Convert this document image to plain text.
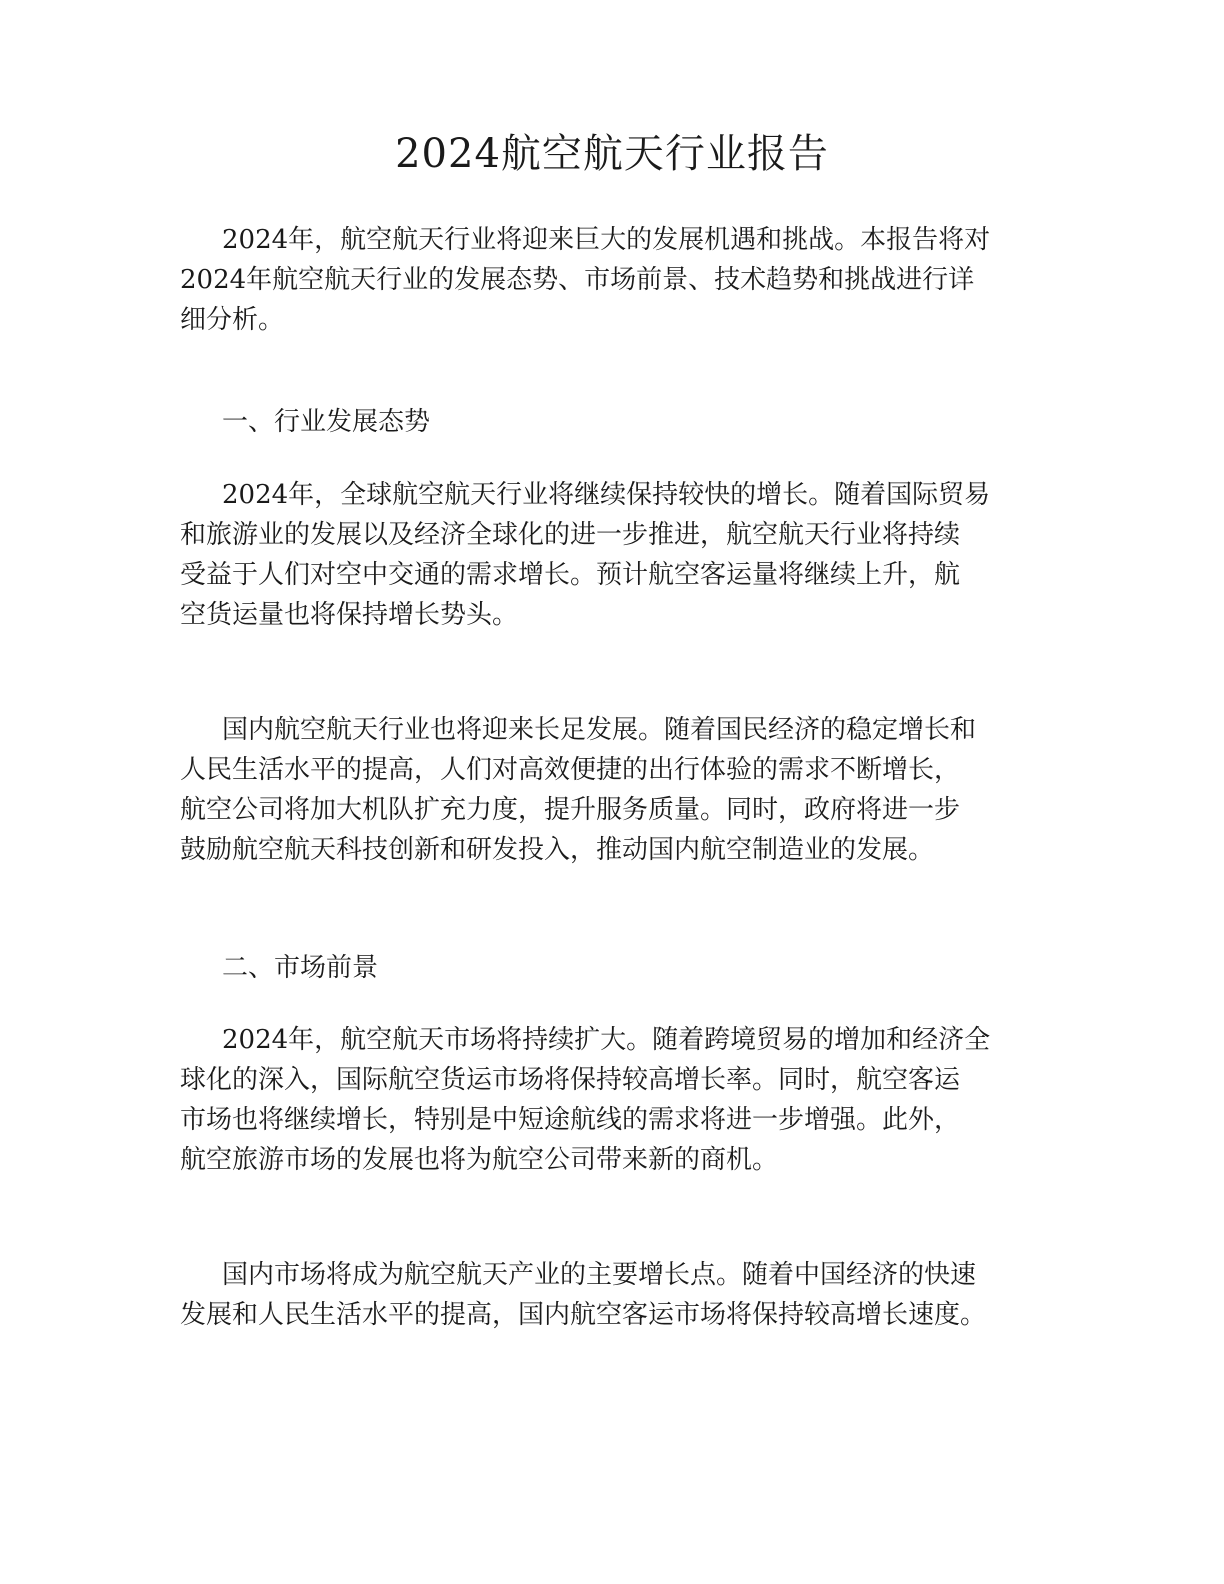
2024航空航天行业报告
2024年，航空航天行业将迎来巨大的发展机遇和挑战。本报告将对
2024年航空航天行业的发展态势、市场前景、技术趋势和挑战进行详
细分析。
一、行业发展态势
2024年，全球航空航天行业将继续保持较快的增长。随着国际贸易
和旅游业的发展以及经济全球化的进一步推进，航空航天行业将持续
受益于人们对空中交通的需求增长。预计航空客运量将继续上升，航
空货运量也将保持增长势头。
国内航空航天行业也将迎来长足发展。随着国民经济的稳定增长和
人民生活水平的提高，人们对高效便捷的出行体验的需求不断增长，
航空公司将加大机队扩充力度，提升服务质量。同时，政府将进一步
鼓励航空航天科技创新和研发投入，推动国内航空制造业的发展。
二、市场前景
2024年，航空航天市场将持续扩大。随着跨境贸易的增加和经济全
球化的深入，国际航空货运市场将保持较高增长率。同时，航空客运
市场也将继续增长，特别是中短途航线的需求将进一步增强。此外，
航空旅游市场的发展也将为航空公司带来新的商机。
国内市场将成为航空航天产业的主要增长点。随着中国经济的快速
发展和人民生活水平的提高，国内航空客运市场将保持较高增长速度。
